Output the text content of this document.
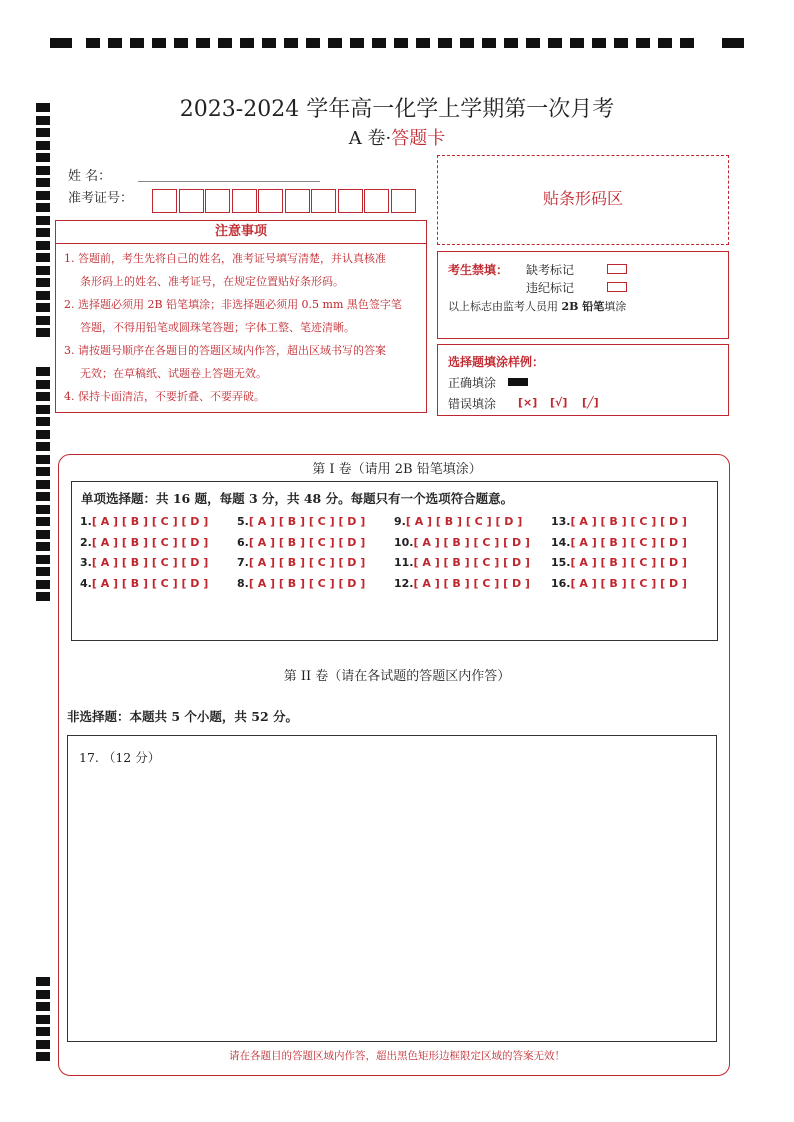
2023-2024 学年高一化学上学期第一次月考
A 卷·答题卡
姓 名：
准考证号：
注意事项
1. 答题前，考生先将自己的姓名，准考证号填写清楚，并认真核准
条形码上的姓名、准考证号，在规定位置贴好条形码。
2. 选择题必须用 2B 铅笔填涂；非选择题必须用 0.5 mm 黑色签字笔
答题，不得用铅笔或圆珠笔答题；字体工整、笔迹清晰。
3. 请按题号顺序在各题目的答题区域内作答，超出区域书写的答案
无效；在草稿纸、试题卷上答题无效。
4. 保持卡面清洁，不要折叠、不要弄破。
贴条形码区
考生禁填： 缺考标记
违纪标记
以上标志由监考人员用 2B 铅笔填涂
选择题填涂样例：
正确填涂
错误填涂 [×] [√] [╱]
第 I 卷（请用 2B 铅笔填涂）
单项选择题：共 16 题，每题 3 分，共 48 分。每题只有一个选项符合题意。
1.[ A ] [ B ] [ C ] [ D ]
2.[ A ] [ B ] [ C ] [ D ]
3.[ A ] [ B ] [ C ] [ D ]
4.[ A ] [ B ] [ C ] [ D ]
5.[ A ] [ B ] [ C ] [ D ]
6.[ A ] [ B ] [ C ] [ D ]
7.[ A ] [ B ] [ C ] [ D ]
8.[ A ] [ B ] [ C ] [ D ]
9.[ A ] [ B ] [ C ] [ D ]
10.[ A ] [ B ] [ C ] [ D ]
11.[ A ] [ B ] [ C ] [ D ]
12.[ A ] [ B ] [ C ] [ D ]
13.[ A ] [ B ] [ C ] [ D ]
14.[ A ] [ B ] [ C ] [ D ]
15.[ A ] [ B ] [ C ] [ D ]
16.[ A ] [ B ] [ C ] [ D ]
第 II 卷（请在各试题的答题区内作答）
非选择题：本题共 5 个小题，共 52 分。
17. （12 分）
请在各题目的答题区域内作答，超出黑色矩形边框限定区域的答案无效！
